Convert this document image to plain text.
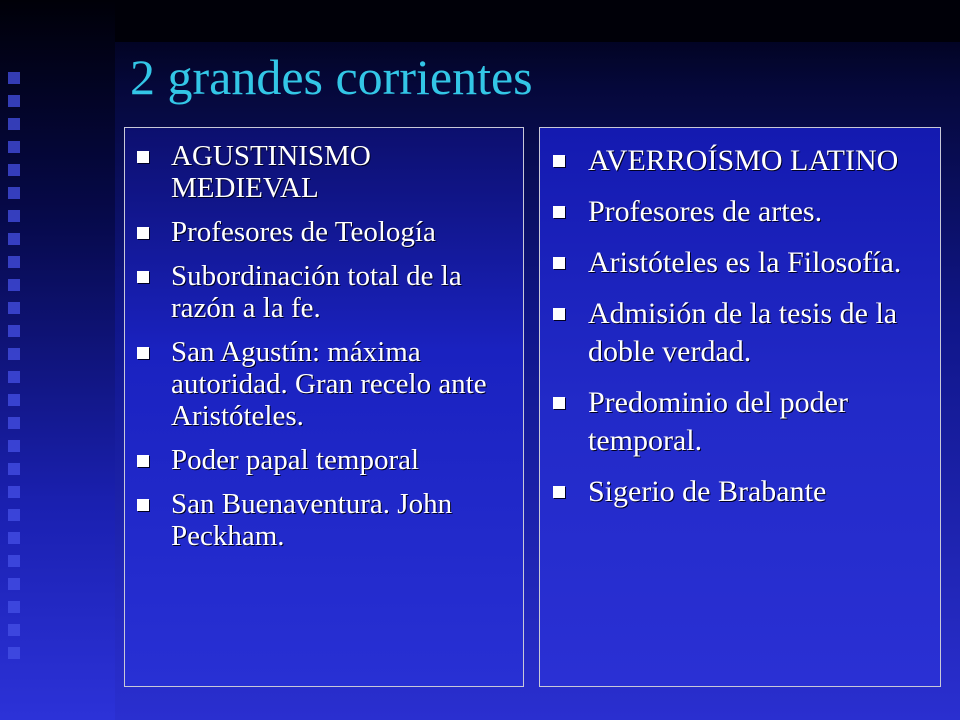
2 grandes corrientes
AGUSTINISMO MEDIEVAL
Profesores de Teología
Subordinación total de la razón a la fe.
San Agustín: máxima autoridad. Gran recelo ante Aristóteles.
Poder papal temporal
San Buenaventura. John Peckham.
AVERROÍSMO LATINO
Profesores de artes.
Aristóteles es la Filosofía.
Admisión de la tesis de la doble verdad.
Predominio del poder temporal.
Sigerio de Brabante
